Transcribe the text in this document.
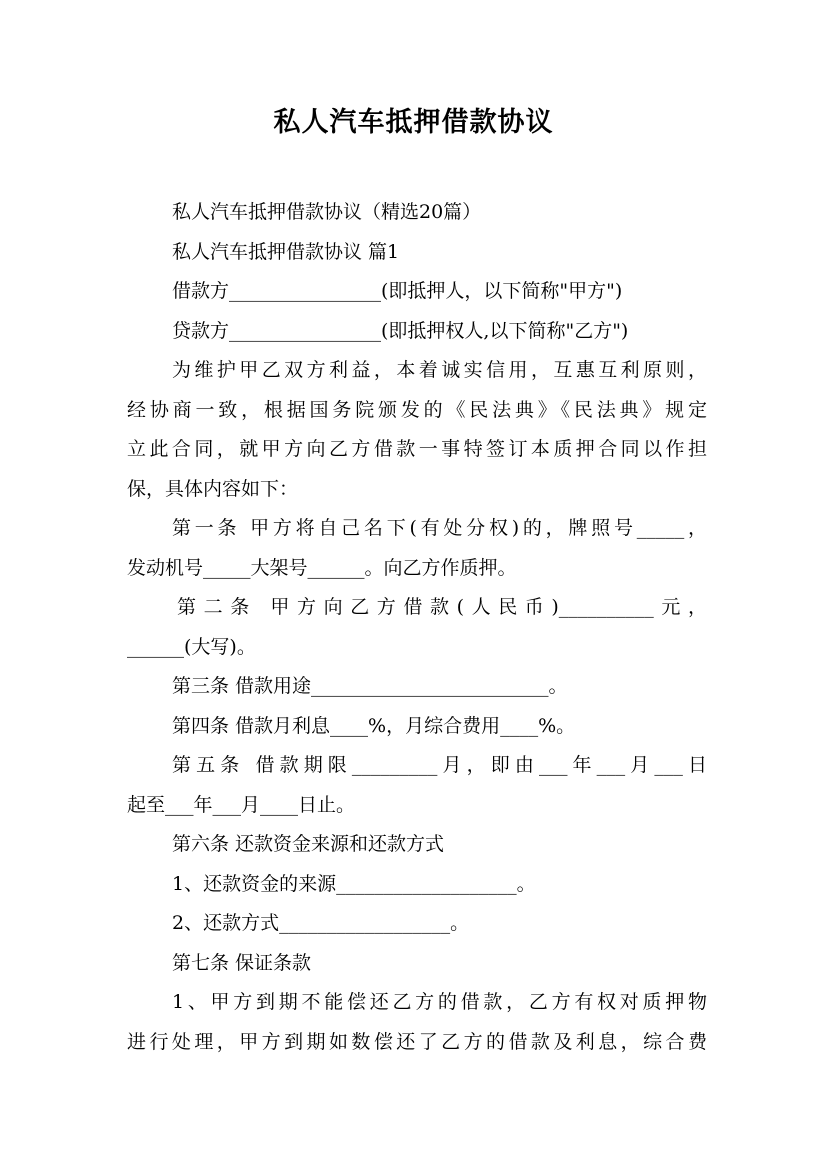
私人汽车抵押借款协议
私人汽车抵押借款协议（精选20篇）
私人汽车抵押借款协议 篇1
借款方________________(即抵押人，以下简称"甲方")
贷款方________________(即抵押权人,以下简称"乙方")
为维护甲乙双方利益，本着诚实信用，互惠互利原则，
经协商一致，根据国务院颁发的《民法典》《民法典》规定
立此合同，就甲方向乙方借款一事特签订本质押合同以作担
保，具体内容如下：
第一条 甲方将自己名下(有处分权)的，牌照号_____，
发动机号_____大架号______。向乙方作质押。
第二条 甲方向乙方借款(人民币)__________元，
______(大写)。
第三条 借款用途_________________________。
第四条 借款月利息____%，月综合费用____%。
第五条 借款期限_________月，即由___年___月___日
起至___年___月____日止。
第六条 还款资金来源和还款方式
1、还款资金的来源___________________。
2、还款方式__________________。
第七条 保证条款
1、甲方到期不能偿还乙方的借款，乙方有权对质押物
进行处理，甲方到期如数偿还了乙方的借款及利息，综合费
